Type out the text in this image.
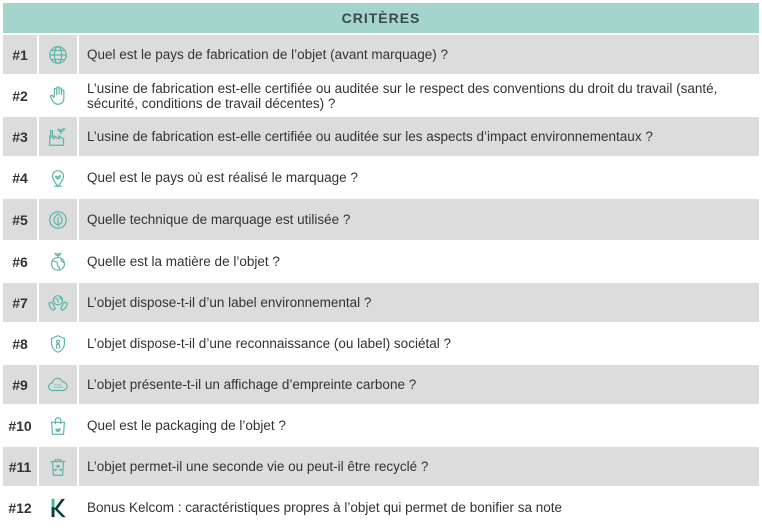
CRITÈRES
#1	Quel est le pays de fabrication de l’objet (avant marquage) ?
#2	L’usine de fabrication est-elle certifiée ou auditée sur le respect des conventions du droit du travail (santé, sécurité, conditions de travail décentes) ?
#3	L’usine de fabrication est-elle certifiée ou auditée sur les aspects d’impact environnementaux ?
#4	Quel est le pays où est réalisé le marquage ?
#5	Quelle technique de marquage est utilisée ?
#6	Quelle est la matière de l’objet ?
#7	L’objet dispose-t-il d’un label environnemental ?
#8	L’objet dispose-t-il d’une reconnaissance (ou label) sociétal ?
#9	CO₂	L’objet présente-t-il un affichage d’empreinte carbone ?
#10	Quel est le packaging de l’objet ?
#11	L’objet permet-il une seconde vie ou peut-il être recyclé ?
#12	Bonus Kelcom : caractéristiques propres à l’objet qui permet de bonifier sa note
